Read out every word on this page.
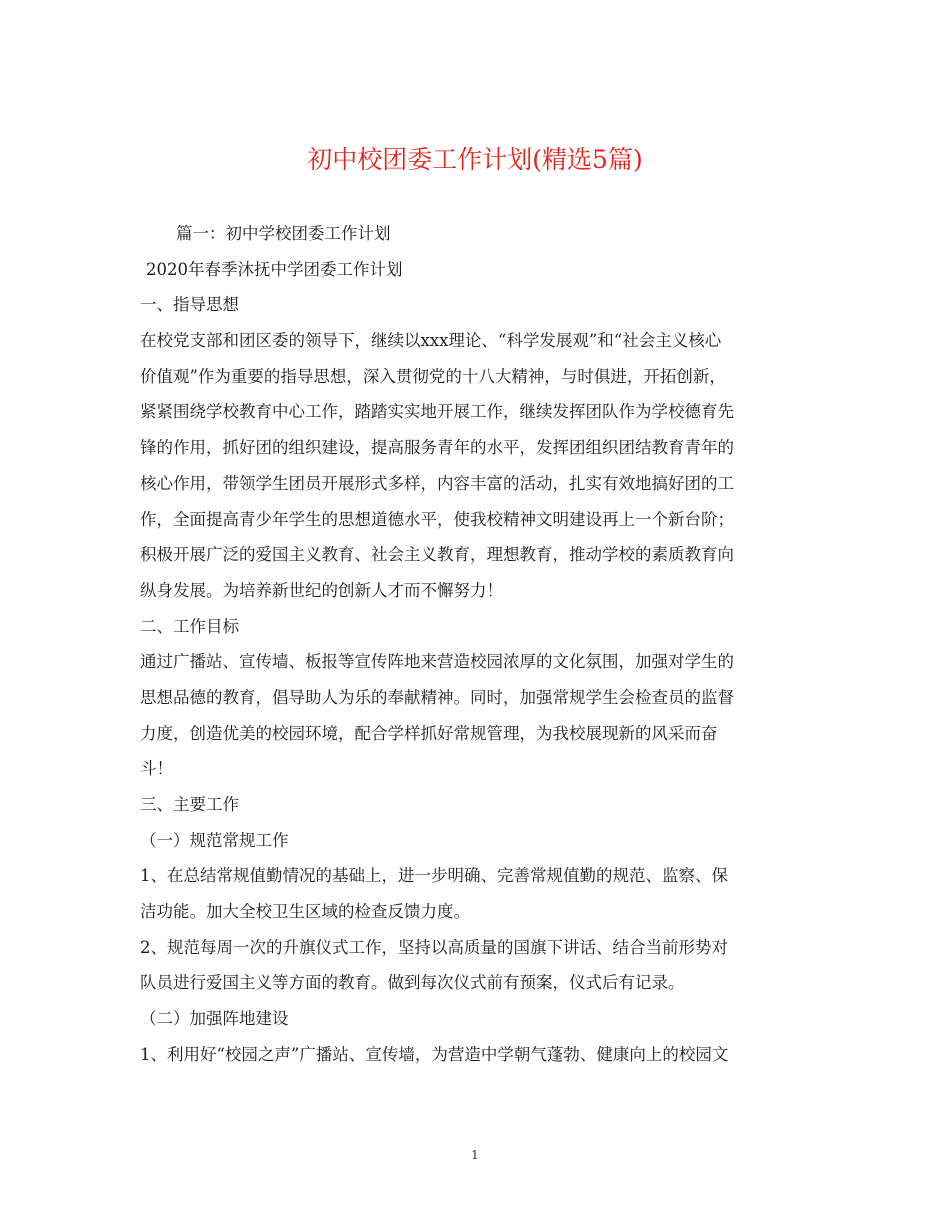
初中校团委工作计划(精选5篇)
篇一：初中学校团委工作计划
2020年春季沐抚中学团委工作计划
一、指导思想
在校党支部和团区委的领导下，继续以xxx理论、“科学发展观”和“社会主义核心
价值观”作为重要的指导思想，深入贯彻党的十八大精神，与时俱进，开拓创新，
紧紧围绕学校教育中心工作，踏踏实实地开展工作，继续发挥团队作为学校德育先
锋的作用，抓好团的组织建设，提高服务青年的水平，发挥团组织团结教育青年的
核心作用，带领学生团员开展形式多样，内容丰富的活动，扎实有效地搞好团的工
作，全面提高青少年学生的思想道德水平，使我校精神文明建设再上一个新台阶；
积极开展广泛的爱国主义教育、社会主义教育，理想教育，推动学校的素质教育向
纵身发展。为培养新世纪的创新人才而不懈努力！
二、工作目标
通过广播站、宣传墙、板报等宣传阵地来营造校园浓厚的文化氛围，加强对学生的
思想品德的教育，倡导助人为乐的奉献精神。同时，加强常规学生会检查员的监督
力度，创造优美的校园环境，配合学样抓好常规管理，为我校展现新的风采而奋
斗！
三、主要工作
（一）规范常规工作
1、在总结常规值勤情况的基础上，进一步明确、完善常规值勤的规范、监察、保
洁功能。加大全校卫生区域的检查反馈力度。
2、规范每周一次的升旗仪式工作，坚持以高质量的国旗下讲话、结合当前形势对
队员进行爱国主义等方面的教育。做到每次仪式前有预案，仪式后有记录。
（二）加强阵地建设
1、利用好“校园之声”广播站、宣传墙，为营造中学朝气蓬勃、健康向上的校园文
1
